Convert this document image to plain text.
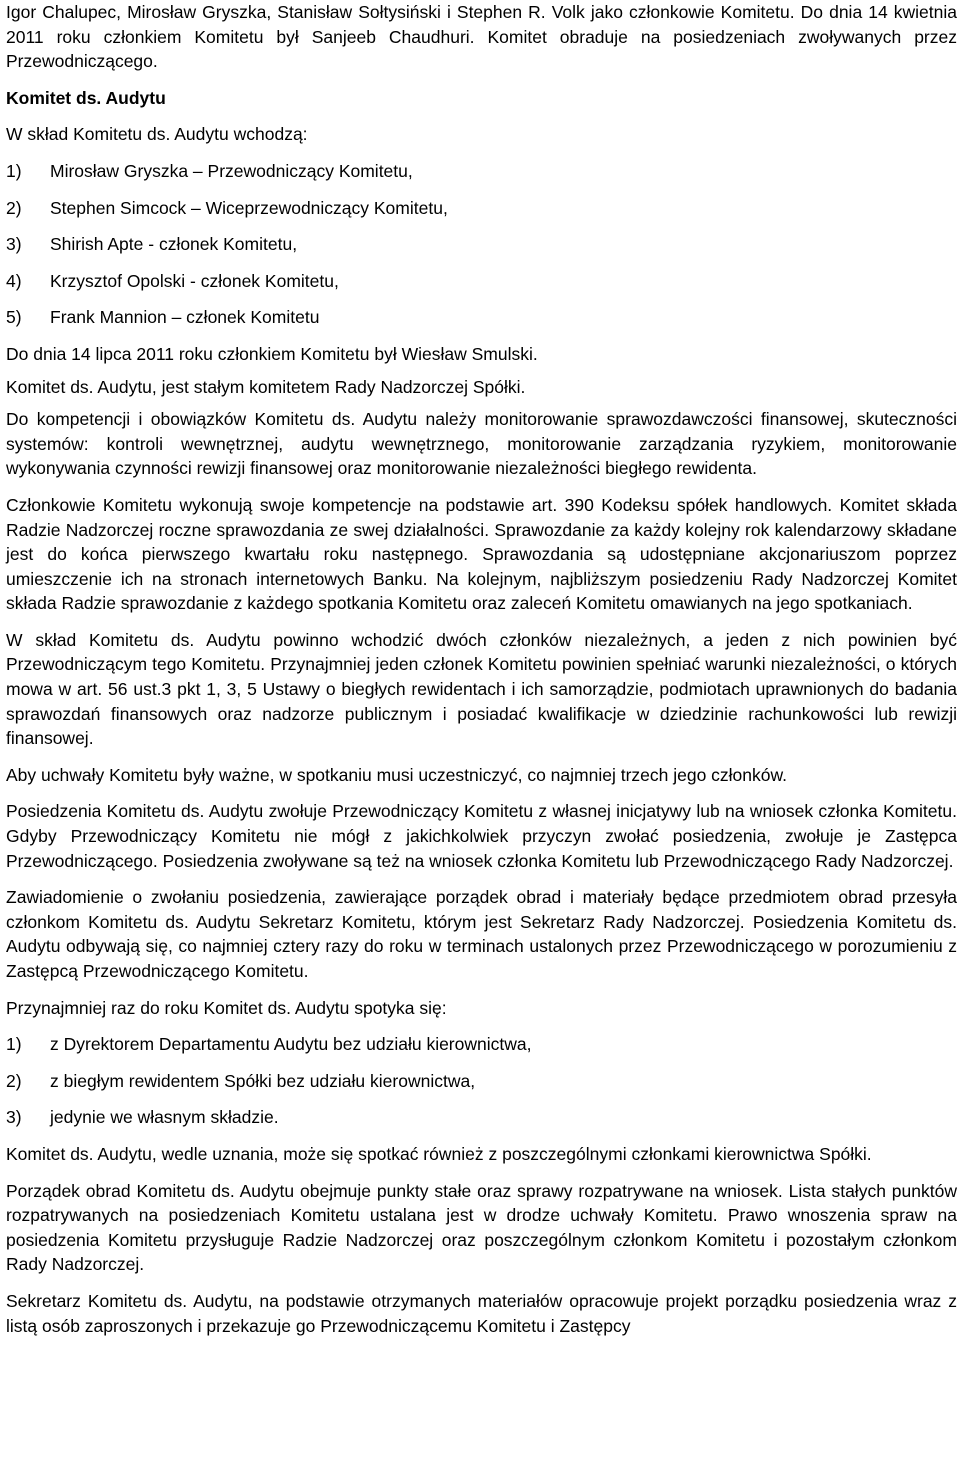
Igor Chalupec, Mirosław Gryszka, Stanisław Sołtysiński i Stephen R. Volk jako członkowie Komitetu. Do dnia 14 kwietnia 2011 roku członkiem Komitetu był Sanjeeb Chaudhuri. Komitet obraduje na posiedzeniach zwoływanych przez Przewodniczącego.

Komitet ds. Audytu

W skład Komitetu ds. Audytu wchodzą:

1)	Mirosław Gryszka – Przewodniczący Komitetu,
2)	Stephen Simcock – Wiceprzewodniczący Komitetu,
3)	Shirish Apte - członek Komitetu,
4)	Krzysztof Opolski - członek Komitetu,
5)	Frank Mannion – członek Komitetu

Do dnia 14 lipca 2011 roku członkiem Komitetu był Wiesław Smulski.

Komitet ds. Audytu, jest stałym komitetem Rady Nadzorczej Spółki.

Do kompetencji i obowiązków Komitetu ds. Audytu należy monitorowanie sprawozdawczości finansowej, skuteczności systemów: kontroli wewnętrznej, audytu wewnętrznego, monitorowanie zarządzania ryzykiem, monitorowanie wykonywania czynności rewizji finansowej oraz monitorowanie niezależności biegłego rewidenta.

Członkowie Komitetu wykonują swoje kompetencje na podstawie art. 390 Kodeksu spółek handlowych. Komitet składa Radzie Nadzorczej roczne sprawozdania ze swej działalności. Sprawozdanie za każdy kolejny rok kalendarzowy składane jest do końca pierwszego kwartału roku następnego. Sprawozdania są udostępniane akcjonariuszom poprzez umieszczenie ich na stronach internetowych Banku. Na kolejnym, najbliższym posiedzeniu Rady Nadzorczej Komitet składa Radzie sprawozdanie z każdego spotkania Komitetu oraz zaleceń Komitetu omawianych na jego spotkaniach.

W skład Komitetu ds. Audytu powinno wchodzić dwóch członków niezależnych, a jeden z nich powinien być Przewodniczącym tego Komitetu. Przynajmniej jeden członek Komitetu powinien spełniać warunki niezależności, o których mowa w art. 56 ust.3 pkt 1, 3, 5 Ustawy o biegłych rewidentach i ich samorządzie, podmiotach uprawnionych do badania sprawozdań finansowych oraz nadzorze publicznym i posiadać kwalifikacje w dziedzinie rachunkowości lub rewizji finansowej.

Aby uchwały Komitetu były ważne, w spotkaniu musi uczestniczyć, co najmniej trzech jego członków.

Posiedzenia Komitetu ds. Audytu zwołuje Przewodniczący Komitetu z własnej inicjatywy lub na wniosek członka Komitetu. Gdyby Przewodniczący Komitetu nie mógł z jakichkolwiek przyczyn zwołać posiedzenia, zwołuje je Zastępca Przewodniczącego. Posiedzenia zwoływane są też na wniosek członka Komitetu lub Przewodniczącego Rady Nadzorczej.

Zawiadomienie o zwołaniu posiedzenia, zawierające porządek obrad i materiały będące przedmiotem obrad przesyła członkom Komitetu ds. Audytu Sekretarz Komitetu, którym jest Sekretarz Rady Nadzorczej. Posiedzenia Komitetu ds. Audytu odbywają się, co najmniej cztery razy do roku w terminach ustalonych przez Przewodniczącego w porozumieniu z Zastępcą Przewodniczącego Komitetu.

Przynajmniej raz do roku Komitet ds. Audytu spotyka się:

1)	z Dyrektorem Departamentu Audytu bez udziału kierownictwa,
2)	z biegłym rewidentem Spółki bez udziału kierownictwa,
3)	jedynie we własnym składzie.

Komitet ds. Audytu, wedle uznania, może się spotkać również z poszczególnymi członkami kierownictwa Spółki.

Porządek obrad Komitetu ds. Audytu obejmuje punkty stałe oraz sprawy rozpatrywane na wniosek. Lista stałych punktów rozpatrywanych na posiedzeniach Komitetu ustalana jest w drodze uchwały Komitetu. Prawo wnoszenia spraw na posiedzenia Komitetu przysługuje Radzie Nadzorczej oraz poszczególnym członkom Komitetu i pozostałym członkom Rady Nadzorczej.

Sekretarz Komitetu ds. Audytu, na podstawie otrzymanych materiałów opracowuje projekt porządku posiedzenia wraz z listą osób zaproszonych i przekazuje go Przewodniczącemu Komitetu i Zastępcy
